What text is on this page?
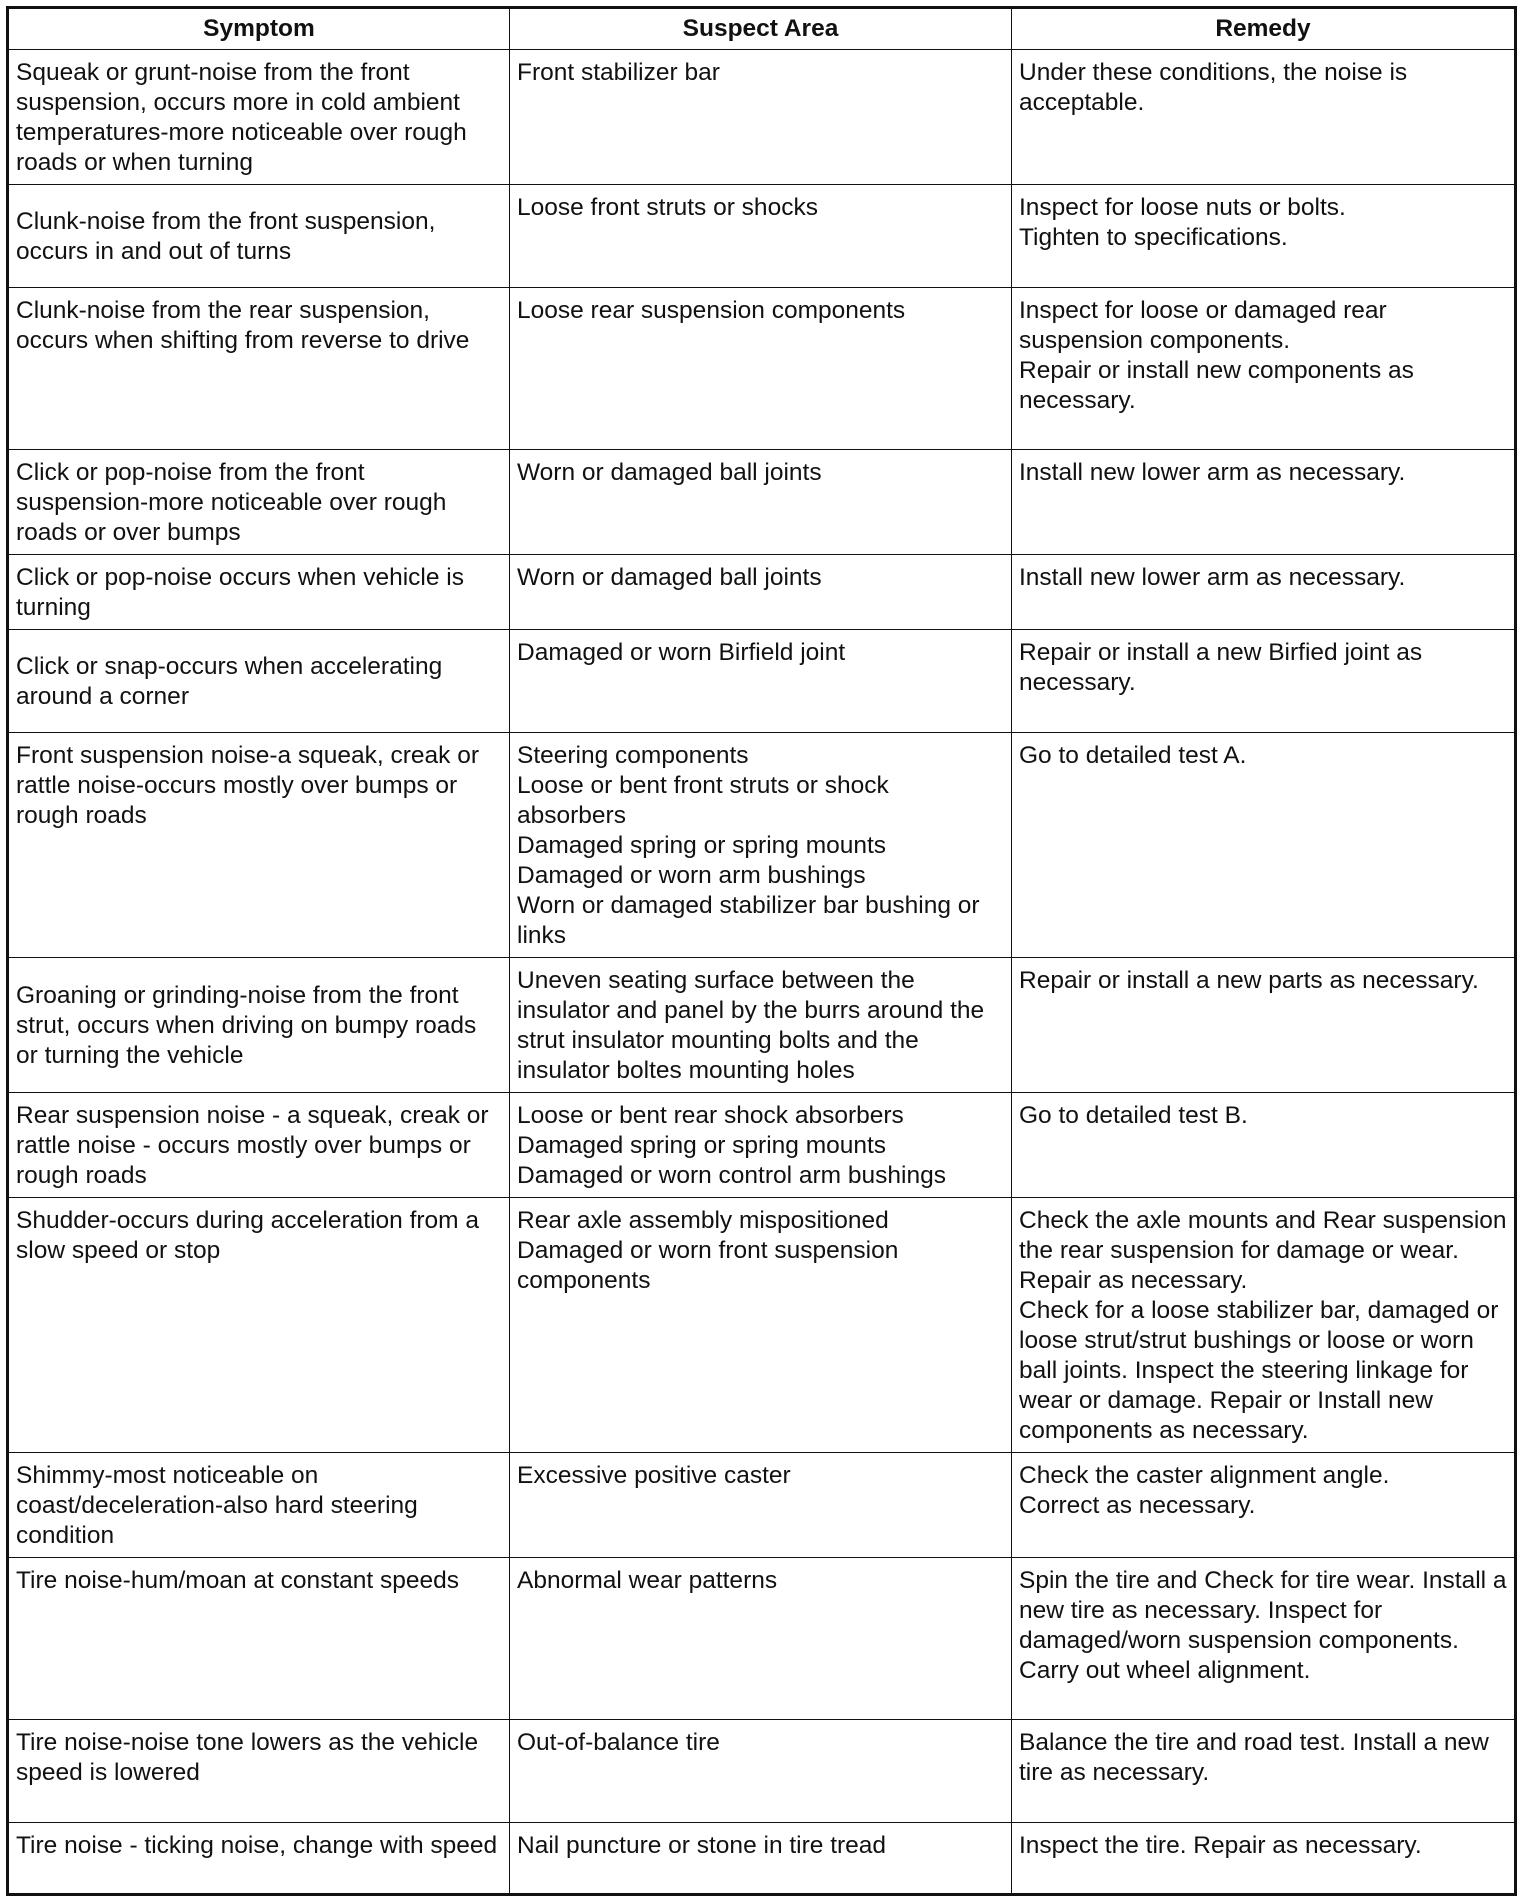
Symptom	Suspect Area	Remedy
Squeak or grunt-noise from the front suspension, occurs more in cold ambient temperatures-more noticeable over rough roads or when turning	Front stabilizer bar	Under these conditions, the noise is acceptable.
Clunk-noise from the front suspension, occurs in and out of turns	Loose front struts or shocks	Inspect for loose nuts or bolts.
Tighten to specifications.
Clunk-noise from the rear suspension, occurs when shifting from reverse to drive	Loose rear suspension components	Inspect for loose or damaged rear suspension components.
Repair or install new components as necessary.
Click or pop-noise from the front suspension-more noticeable over rough roads or over bumps	Worn or damaged ball joints	Install new lower arm as necessary.
Click or pop-noise occurs when vehicle is turning	Worn or damaged ball joints	Install new lower arm as necessary.
Click or snap-occurs when accelerating around a corner	Damaged or worn Birfield joint	Repair or install a new Birfied joint as necessary.
Front suspension noise-a squeak, creak or rattle noise-occurs mostly over bumps or rough roads	Steering components
Loose or bent front struts or shock absorbers
Damaged spring or spring mounts
Damaged or worn arm bushings
Worn or damaged stabilizer bar bushing or links	Go to detailed test A.
Groaning or grinding-noise from the front strut, occurs when driving on bumpy roads or turning the vehicle	Uneven seating surface between the insulator and panel by the burrs around the strut insulator mounting bolts and the insulator boltes mounting holes	Repair or install a new parts as necessary.
Rear suspension noise - a squeak, creak or rattle noise - occurs mostly over bumps or rough roads	Loose or bent rear shock absorbers
Damaged spring or spring mounts
Damaged or worn control arm bushings	Go to detailed test B.
Shudder-occurs during acceleration from a slow speed or stop	Rear axle assembly mispositioned
Damaged or worn front suspension components	Check the axle mounts and Rear suspension the rear suspension for damage or wear. Repair as necessary.
Check for a loose stabilizer bar, damaged or loose strut/strut bushings or loose or worn ball joints. Inspect the steering linkage for wear or damage. Repair or Install new components as necessary.
Shimmy-most noticeable on coast/deceleration-also hard steering condition	Excessive positive caster	Check the caster alignment angle.
Correct as necessary.
Tire noise-hum/moan at constant speeds	Abnormal wear patterns	Spin the tire and Check for tire wear. Install a new tire as necessary. Inspect for damaged/worn suspension components.
Carry out wheel alignment.
Tire noise-noise tone lowers as the vehicle speed is lowered	Out-of-balance tire	Balance the tire and road test. Install a new tire as necessary.
Tire noise - ticking noise, change with speed	Nail puncture or stone in tire tread	Inspect the tire. Repair as necessary.
